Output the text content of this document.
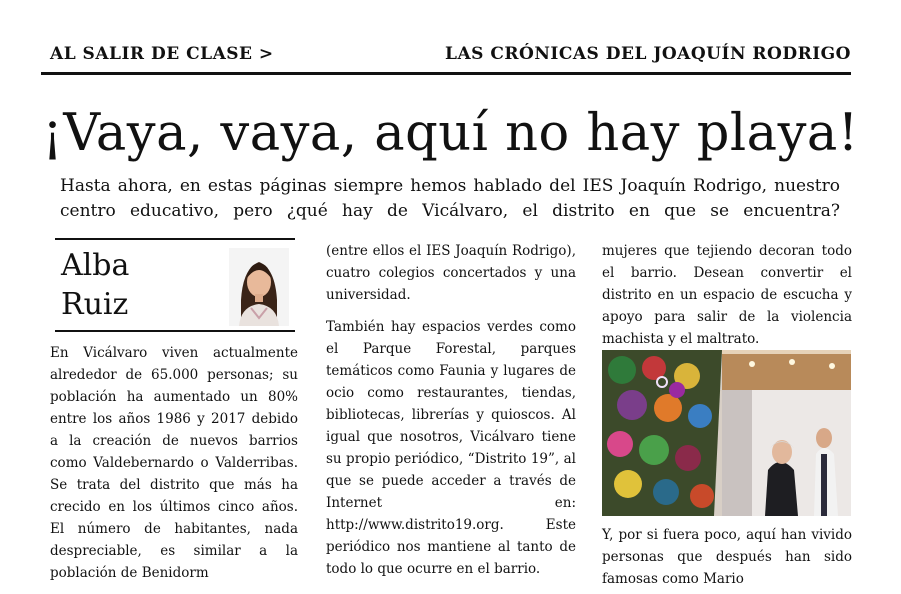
AL SALIR DE CLASE >	LAS CRÓNICAS DEL JOAQUÍN RODRIGO
¡Vaya, vaya, aquí no hay playa!
Hasta ahora, en estas páginas siempre hemos hablado del IES Joaquín Rodrigo, nuestro centro educativo, pero ¿qué hay de Vicálvaro, el distrito en que se encuentra?
Alba
Ruiz

En Vicálvaro viven actualmente alrededor de 65.000 personas; su población ha aumentado un 80% entre los años 1986 y 2017 debido a la creación de nuevos barrios como Valdebernardo o Valderribas. Se trata del distrito que más ha crecido en los últimos cinco años. El número de habitantes, nada despreciable, es similar a la población de Benidorm

(entre ellos el IES Joaquín Rodrigo), cuatro colegios concertados y una universidad.

También hay espacios verdes como el Parque Forestal, parques temáticos como Faunia y lugares de ocio como restaurantes, tiendas, bibliotecas, librerías y quioscos. Al igual que nosotros, Vicálvaro tiene su propio periódico, “Distrito 19”, al que se puede acceder a través de Internet en: http://www.distrito19.org. Este periódico nos mantiene al tanto de todo lo que ocurre en el barrio.

mujeres que tejiendo decoran todo el barrio. Desean convertir el distrito en un espacio de escucha y apoyo para salir de la violencia machista y el maltrato.

Y, por si fuera poco, aquí han vivido personas que después han sido famosas como Mario
